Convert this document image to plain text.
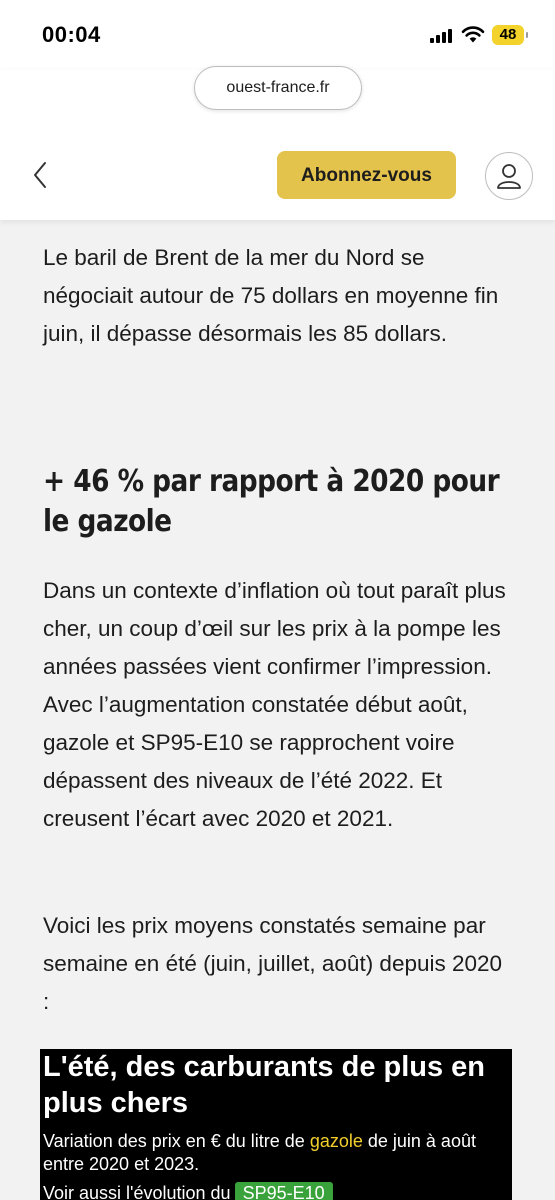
00:04	48
ouest-france.fr
Abonnez-vous

Le baril de Brent de la mer du Nord se négociait autour de 75 dollars en moyenne fin juin, il dépasse désormais les 85 dollars.

+ 46 % par rapport à 2020 pour le gazole

Dans un contexte d’inflation où tout paraît plus cher, un coup d’œil sur les prix à la pompe les années passées vient confirmer l’impression. Avec l’augmentation constatée début août, gazole et SP95-E10 se rapprochent voire dépassent des niveaux de l’été 2022. Et creusent l’écart avec 2020 et 2021.

Voici les prix moyens constatés semaine par semaine en été (juin, juillet, août) depuis 2020 :

L'été, des carburants de plus en plus chers

Variation des prix en € du litre de gazole de juin à août entre 2020 et 2023.

Voir aussi l'évolution du SP95-E10
